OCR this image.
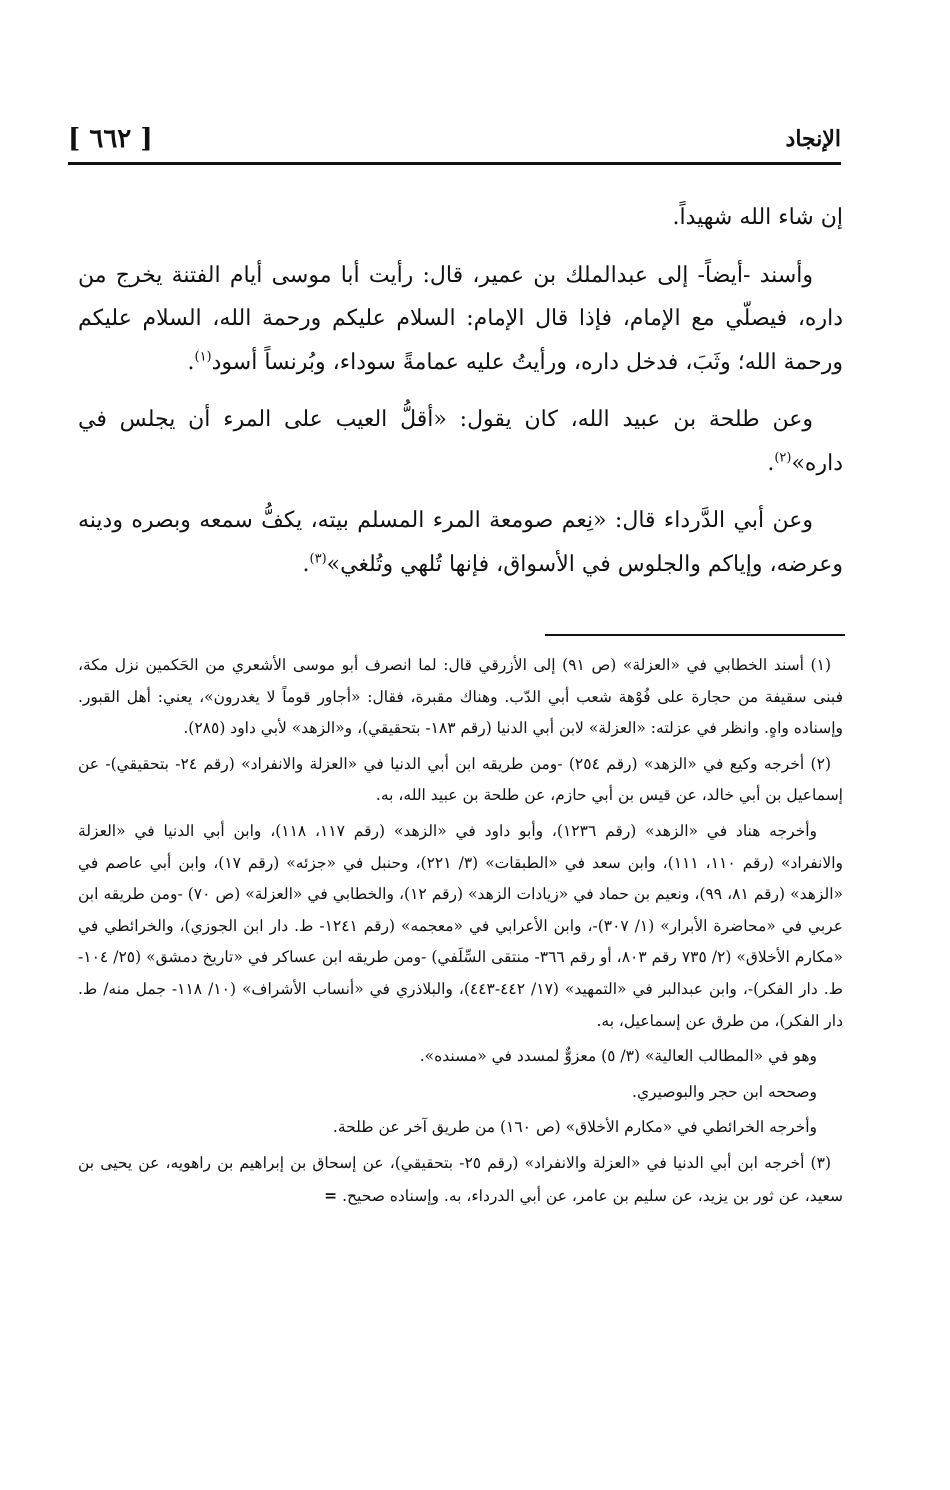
[ ٦٦٢ ]	الإنجاد

إن شاء الله شهيداً.

وأسند -أيضاً- إلى عبدالملك بن عمير، قال: رأيت أبا موسى أيام الفتنة يخرج من داره، فيصلّي مع الإمام، فإذا قال الإمام: السلام عليكم ورحمة الله، السلام عليكم ورحمة الله؛ وثَبَ، فدخل داره، ورأيتُ عليه عمامةً سوداء، وبُرنساً أسود$^{(١)}$.

وعن طلحة بن عبيد الله، كان يقول: «أقلُّ العيب على المرء أن يجلس في داره»$^{(٢)}$.

وعن أبي الدَّرداء قال: «نِعم صومعة المرء المسلم بيته، يكفُّ سمعه وبصره ودينه وعرضه، وإياكم والجلوس في الأسواق، فإنها تُلهي وتُلغي»$^{(٣)}$.

(١) أسند الخطابي في «العزلة» (ص ٩١) إلى الأزرقي قال: لما انصرف أبو موسى الأشعري من الحَكمين نزل مكة، فبنى سقيفة من حجارة على فُوْهة شعب أبي الدّب. وهناك مقبرة، فقال: «أجاور قوماً لا يغدرون»، يعني: أهل القبور. وإسناده واهٍ. وانظر في عزلته: «العزلة» لابن أبي الدنيا (رقم ١٨٣- بتحقيقي)، و«الزهد» لأبي داود (٢٨٥).

(٢) أخرجه وكيع في «الزهد» (رقم ٢٥٤) -ومن طريقه ابن أبي الدنيا في «العزلة والانفراد» (رقم ٢٤- بتحقيقي)- عن إسماعيل بن أبي خالد، عن قيس بن أبي حازم، عن طلحة بن عبيد الله، به.

وأخرجه هناد في «الزهد» (رقم ١٢٣٦)، وأبو داود في «الزهد» (رقم ١١٧، ١١٨)، وابن أبي الدنيا في «العزلة والانفراد» (رقم ١١٠، ١١١)، وابن سعد في «الطبقات» (٣/ ٢٢١)، وحنبل في «جزئه» (رقم ١٧)، وابن أبي عاصم في «الزهد» (رقم ٨١، ٩٩)، ونعيم بن حماد في «زيادات الزهد» (رقم ١٢)، والخطابي في «العزلة» (ص ٧٠) -ومن طريقه ابن عربي في «محاضرة الأبرار» (١/ ٣٠٧)-، وابن الأعرابي في «معجمه» (رقم ١٢٤١- ط. دار ابن الجوزي)، والخرائطي في «مكارم الأخلاق» (٢/ ٧٣٥ رقم ٨٠٣، أو رقم ٣٦٦- منتقى السِّلَفي) -ومن طريقه ابن عساكر في «تاريخ دمشق» (٢٥/ ١٠٤- ط. دار الفكر)-، وابن عبدالبر في «التمهيد» (١٧/ ٤٤٢-٤٤٣)، والبلاذري في «أنساب الأشراف» (١٠/ ١١٨- جمل منه/ ط. دار الفكر)، من طرق عن إسماعيل، به.

وهو في «المطالب العالية» (٣/ ٥) معزوٌّ لمسدد في «مسنده».

وصححه ابن حجر والبوصيري.

وأخرجه الخرائطي في «مكارم الأخلاق» (ص ١٦٠) من طريق آخر عن طلحة.

(٣) أخرجه ابن أبي الدنيا في «العزلة والانفراد» (رقم ٢٥- بتحقيقي)، عن إسحاق بن إبراهيم بن راهويه، عن يحيى بن سعيد، عن ثور بن يزيد، عن سليم بن عامر، عن أبي الدرداء، به. وإسناده صحيح. =
